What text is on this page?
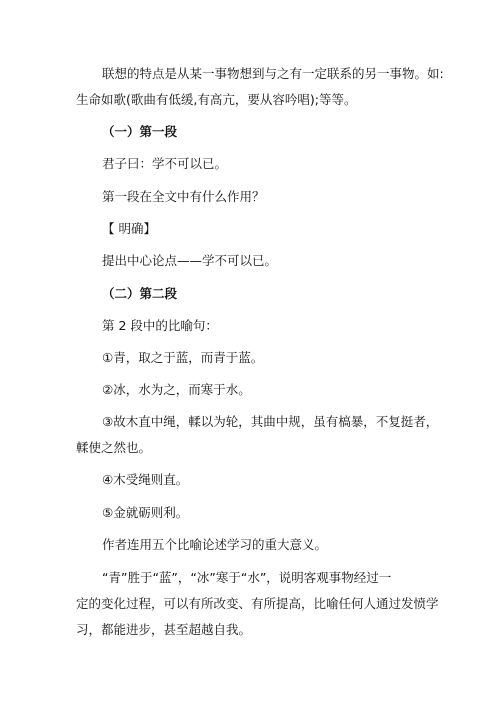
联想的特点是从某一事物想到与之有一定联系的另一事物。如:
生命如歌(歌曲有低缓,有高亢，要从容吟唱);等等。
（一）第一段
君子曰：学不可以已。
第一段在全文中有什么作用？
【 明确】
提出中心论点——学不可以已。
（二）第二段
第 2 段中的比喻句：
①青，取之于蓝，而青于蓝。
②冰，水为之，而寒于水。
③故木直中绳，輮以为轮，其曲中规，虽有槁暴，不复挺者，
輮使之然也。
④木受绳则直。
⑤金就砺则利。
作者连用五个比喻论述学习的重大意义。
“青”胜于“蓝”，“冰”寒于“水”，说明客观事物经过一
定的变化过程，可以有所改变、有所提高，比喻任何人通过发愤学
习，都能进步，甚至超越自我。
